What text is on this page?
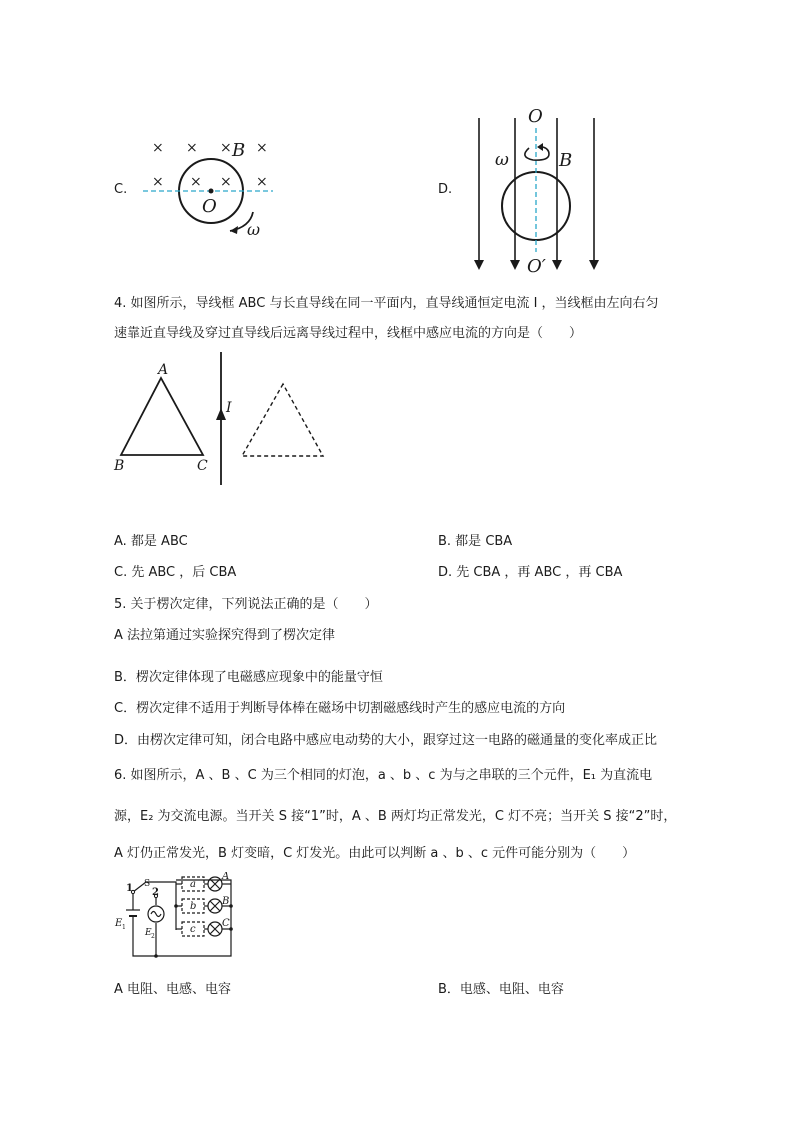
C.
× × × ×
× × × ×
B
O
ω
D.
O
O′
ω	B
4. 如图所示，导线框 ABC 与长直导线在同一平面内，直导线通恒定电流 I ，当线框由左向右匀
速靠近直导线及穿过直导线后远离导线过程中，线框中感应电流的方向是（　　）
A
B	C
I
A. 都是 ABC	B. 都是 CBA
C. 先 ABC ，后 CBA	D. 先 CBA ，再 ABC ，再 CBA
5. 关于楞次定律，下列说法正确的是（　　）
A 法拉第通过实验探究得到了楞次定律
B．楞次定律体现了电磁感应现象中的能量守恒
C．楞次定律不适用于判断导体棒在磁场中切割磁感线时产生的感应电流的方向
D．由楞次定律可知，闭合电路中感应电动势的大小，跟穿过这一电路的磁通量的变化率成正比
6. 如图所示，A 、B 、C 为三个相同的灯泡，a 、b 、c 为与之串联的三个元件，E₁ 为直流电
源，E₂ 为交流电源。当开关 S 接“1”时，A 、B 两灯均正常发光，C 灯不亮；当开关 S 接“2”时，
A 灯仍正常发光，B 灯变暗，C 灯发光。由此可以判断 a 、b 、c 元件可能分别为（　　）
1 S
2
a
b
c
A
B
C
E 1
E 2
A 电阻、电感、电容	B．电感、电阻、电容
